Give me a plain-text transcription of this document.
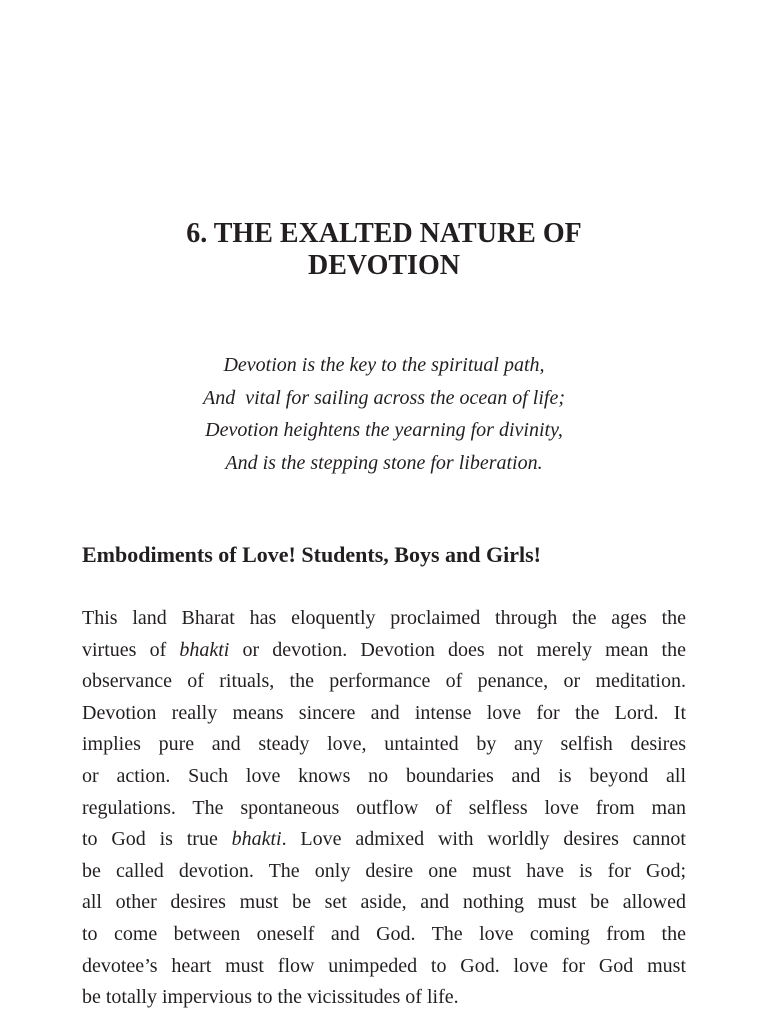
6. THE EXALTED NATURE OF
DEVOTION
Devotion is the key to the spiritual path,
And  vital for sailing across the ocean of life;
Devotion heightens the yearning for divinity,
And is the stepping stone for liberation.
Embodiments of Love! Students, Boys and Girls!
This land Bharat has eloquently proclaimed through the ages the
virtues of bhakti or devotion. Devotion does not merely mean the
observance of rituals, the performance of penance, or meditation.
Devotion really means sincere and intense love for the Lord. It
implies pure and steady love, untainted by any selfish desires
or action. Such love knows no boundaries and is beyond all
regulations. The spontaneous outflow of selfless love from man
to God is true bhakti. Love admixed with worldly desires cannot
be called devotion. The only desire one must have is for God;
all other desires must be set aside, and nothing must be allowed
to come between oneself and God. The love coming from the
devotee’s heart must flow unimpeded to God. love for God must
be totally impervious to the vicissitudes of life.
